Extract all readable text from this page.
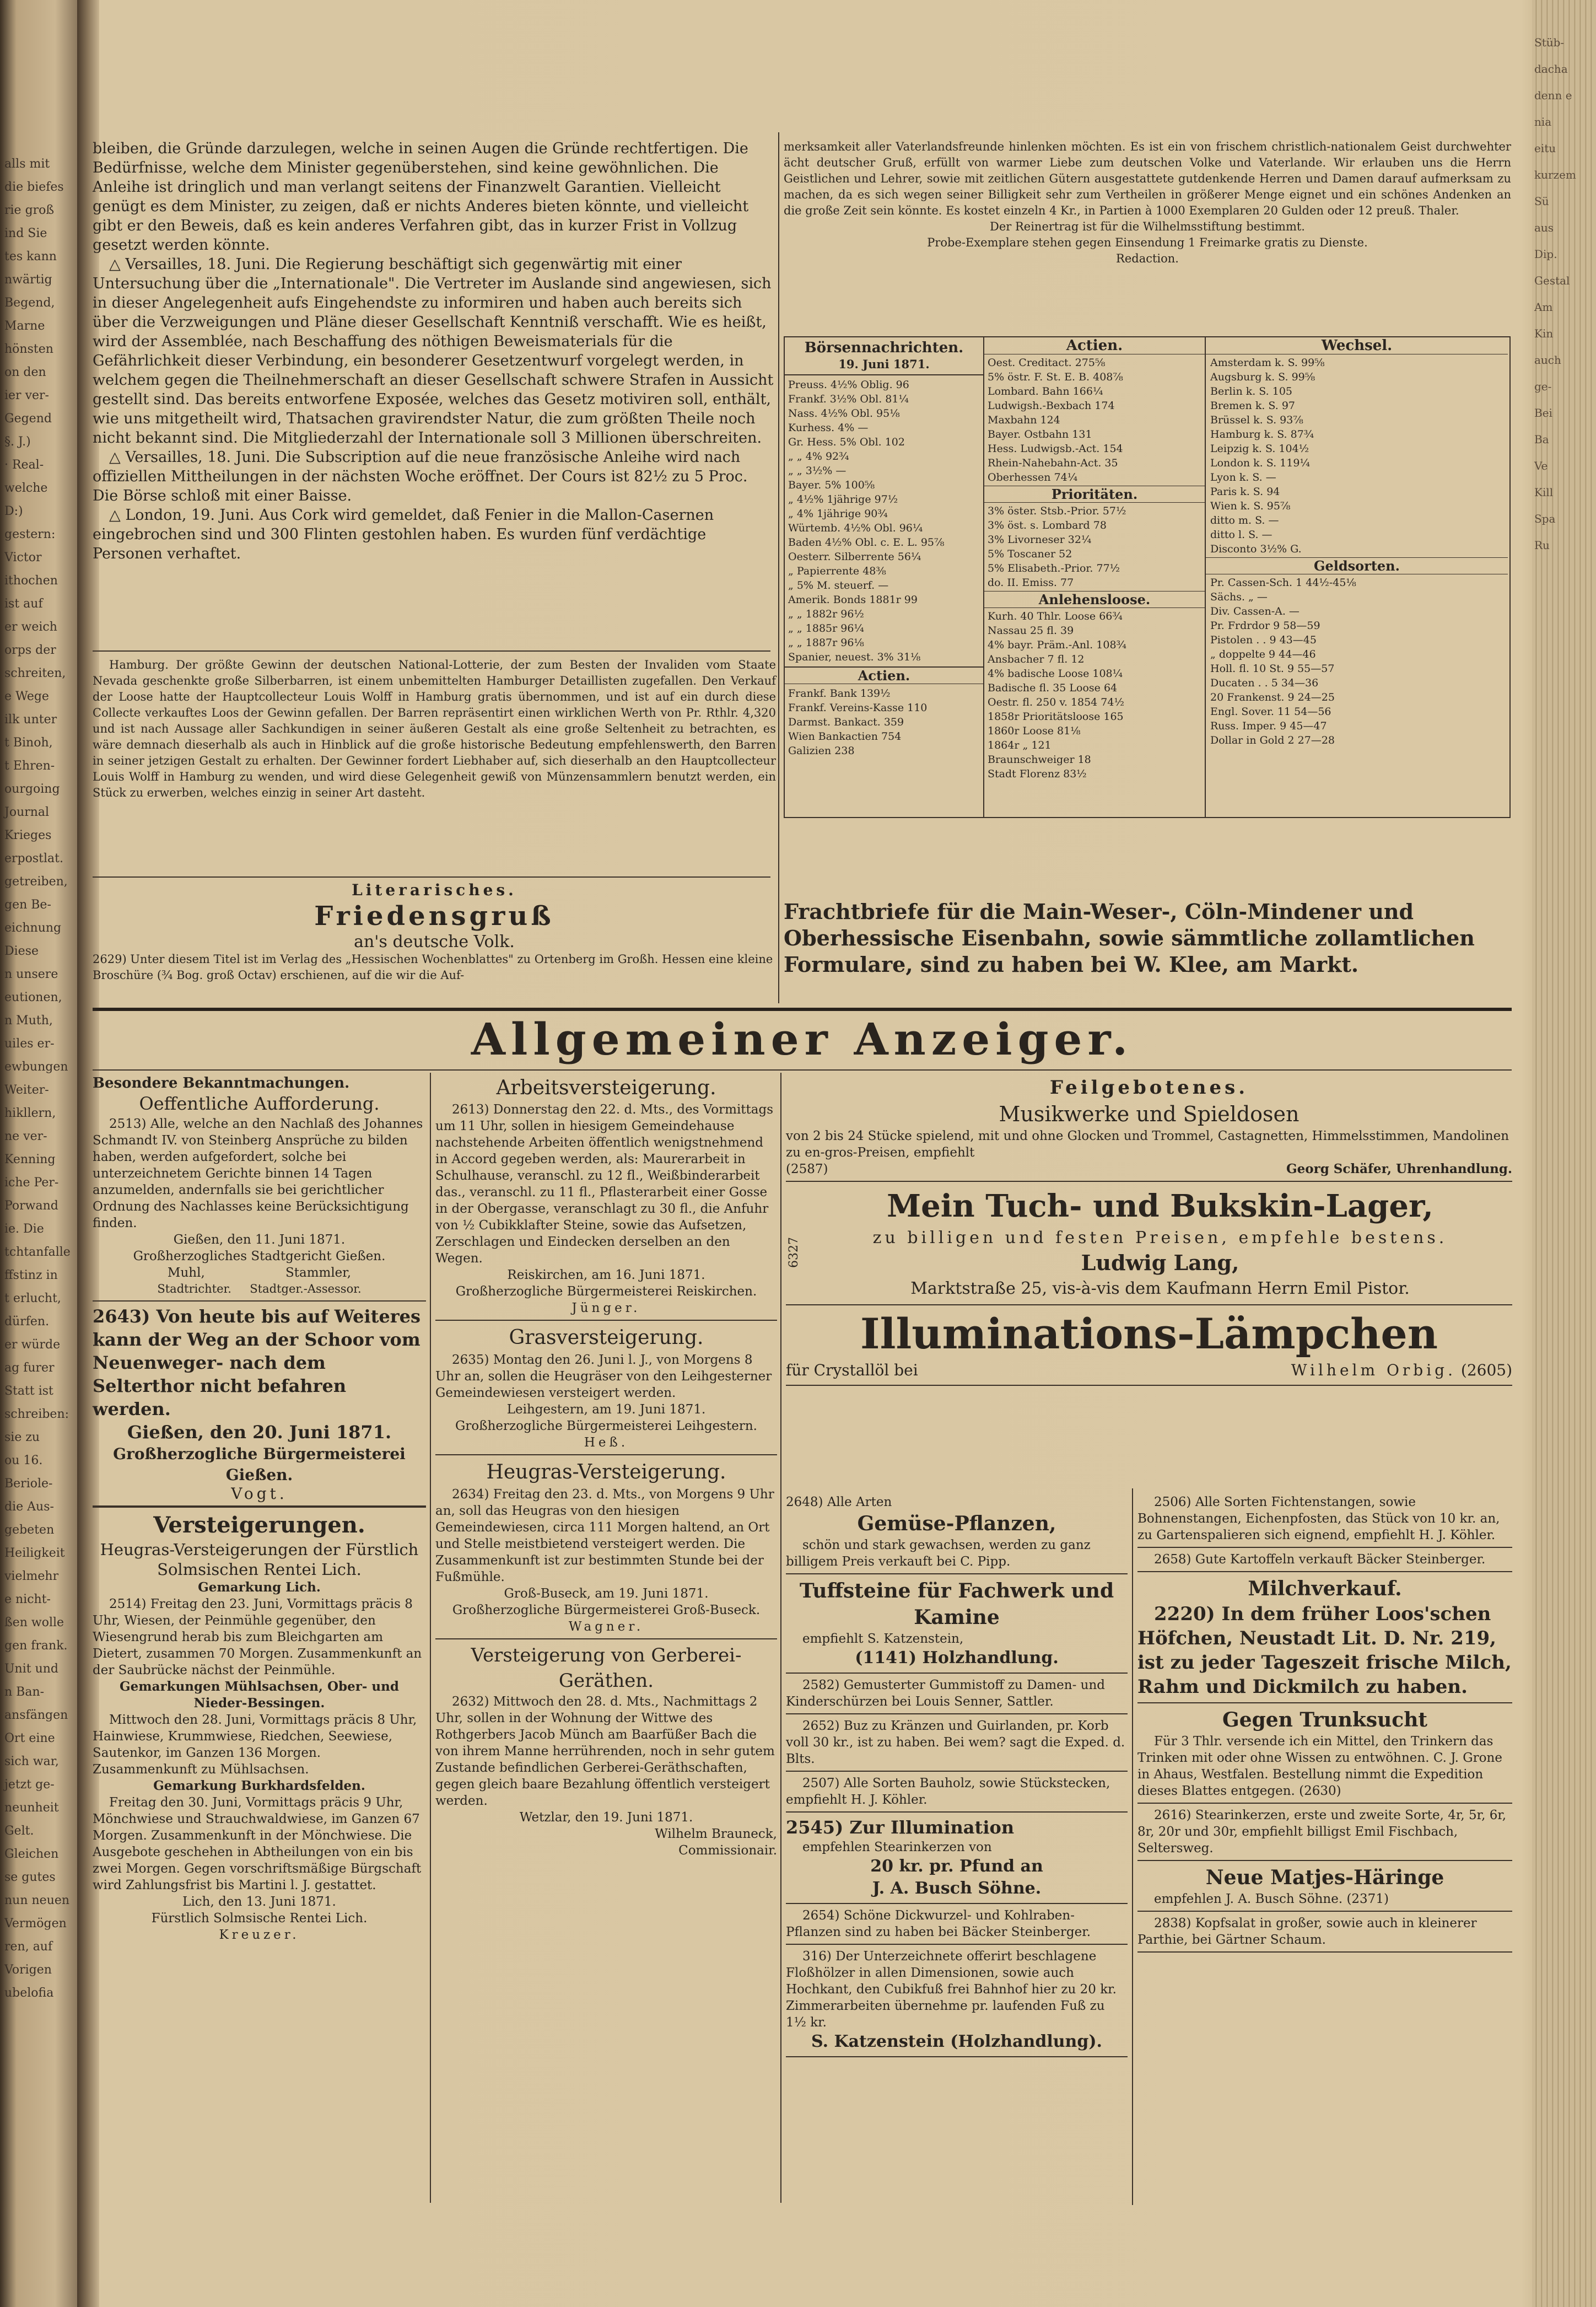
alls mit
die biefes
rie groß
ind Sie
tes kann
nwärtig
Begend,
Marne
hönsten
on den
ier ver-
Gegend
§. J.)
· Real-
welche
D:)
gestern:
Victor
ithochen
ist auf
er weich
orps der
schreiten,
e Wege
ilk unter
t Binoh,
t Ehren-
ourgoing
Journal
Krieges
erpostlat.
getreiben,
gen Be-
eichnung
Diese
n unsere
eutionen,
n Muth,
uiles er-
ewbungen
Weiter-
hikllern,
ne ver-
Kenning
iche Per-
Porwand
ie. Die
tchtanfalle
ffstinz in
t erlucht,
dürfen.
er würde
ag furer
Statt ist
schreiben:
sie zu
ou 16.
Beriole-
die Aus-
gebeten
Heiligkeit
vielmehr
e nicht-
ßen wolle
gen frank.
Unit und
n Ban-
ansfängen
Ort eine
sich war,
jetzt ge-
neunheit
Gelt.
Gleichen
se gutes
nun neuen
Vermögen
ren, auf
Vorigen
ubelofia
Stüb-
dacha
denn e
nia
eitu
kurzem
Sü
aus
Dip.
Gestal
Am
Kin
auch
ge-
Bei
Ba
Ve
Kill
Spa
Ru

bleiben, die Gründe darzulegen, welche in seinen Augen die Gründe rechtfertigen. Die Bedürfnisse, welche dem Minister gegenüberstehen, sind keine gewöhnlichen. Die Anleihe ist dringlich und man verlangt seitens der Finanzwelt Garantien. Vielleicht genügt es dem Minister, zu zeigen, daß er nichts Anderes bieten könnte, und vielleicht gibt er den Beweis, daß es kein anderes Verfahren gibt, das in kurzer Frist in Vollzug gesetzt werden könnte.

△ Versailles, 18. Juni. Die Regierung beschäftigt sich gegenwärtig mit einer Untersuchung über die „Internationale". Die Vertreter im Auslande sind angewiesen, sich in dieser Angelegenheit aufs Eingehendste zu informiren und haben auch bereits sich über die Verzweigungen und Pläne dieser Gesellschaft Kenntniß verschafft. Wie es heißt, wird der Assemblée, nach Beschaffung des nöthigen Beweismaterials für die Gefährlichkeit dieser Verbindung, ein besonderer Gesetzentwurf vorgelegt werden, in welchem gegen die Theilnehmerschaft an dieser Gesellschaft schwere Strafen in Aussicht gestellt sind. Das bereits entworfene Exposée, welches das Gesetz motiviren soll, enthält, wie uns mitgetheilt wird, Thatsachen gravirendster Natur, die zum größten Theile noch nicht bekannt sind. Die Mitgliederzahl der Internationale soll 3 Millionen überschreiten.

△ Versailles, 18. Juni. Die Subscription auf die neue französische Anleihe wird nach offiziellen Mittheilungen in der nächsten Woche eröffnet. Der Cours ist 82½ zu 5 Proc. Die Börse schloß mit einer Baisse.

△ London, 19. Juni. Aus Cork wird gemeldet, daß Fenier in die Mallon-Casernen eingebrochen sind und 300 Flinten gestohlen haben. Es wurden fünf verdächtige Personen verhaftet.

Hamburg. Der größte Gewinn der deutschen National-Lotterie, der zum Besten der Invaliden vom Staate Nevada geschenkte große Silberbarren, ist einem unbemittelten Hamburger Detaillisten zugefallen. Den Verkauf der Loose hatte der Hauptcollecteur Louis Wolff in Hamburg gratis übernommen, und ist auf ein durch diese Collecte verkauftes Loos der Gewinn gefallen. Der Barren repräsentirt einen wirklichen Werth von Pr. Rthlr. 4,320 und ist nach Aussage aller Sachkundigen in seiner äußeren Gestalt als eine große Seltenheit zu betrachten, es wäre demnach dieserhalb als auch in Hinblick auf die große historische Bedeutung empfehlenswerth, den Barren in seiner jetzigen Gestalt zu erhalten. Der Gewinner fordert Liebhaber auf, sich dieserhalb an den Hauptcollecteur Louis Wolff in Hamburg zu wenden, und wird diese Gelegenheit gewiß von Münzensammlern benutzt werden, ein Stück zu erwerben, welches einzig in seiner Art dasteht.

Literarisches.
Friedensgruß
an's deutsche Volk.
2629) Unter diesem Titel ist im Verlag des „Hessischen Wochenblattes" zu Ortenberg im Großh. Hessen eine kleine Broschüre (¾ Bog. groß Octav) erschienen, auf die wir die Auf-

merksamkeit aller Vaterlandsfreunde hinlenken möchten. Es ist ein von frischem christlich-nationalem Geist durchwehter ächt deutscher Gruß, erfüllt von warmer Liebe zum deutschen Volke und Vaterlande. Wir erlauben uns die Herrn Geistlichen und Lehrer, sowie mit zeitlichen Gütern ausgestattete gutdenkende Herren und Damen darauf aufmerksam zu machen, da es sich wegen seiner Billigkeit sehr zum Vertheilen in größerer Menge eignet und ein schönes Andenken an die große Zeit sein könnte. Es kostet einzeln 4 Kr., in Partien à 1000 Exemplaren 20 Gulden oder 12 preuß. Thaler.

Der Reinertrag ist für die Wilhelmsstiftung bestimmt.

Probe-Exemplare stehen gegen Einsendung 1 Freimarke gratis zu Dienste.

Redaction.

Börsennachrichten.
19. Juni 1871.
Preuss. 4½% Oblig. 96
Frankf. 3½% Obl. 81¼
Nass. 4½% Obl. 95⅛
Kurhess. 4% —
Gr. Hess. 5% Obl. 102
„ „ 4% 92¾
„ „ 3½% —
Bayer. 5% 100⅝
„ 4½% 1jährige 97½
„ 4% 1jährige 90¾
Würtemb. 4½% Obl. 96¼
Baden 4½% Obl. c. E. L. 95⅞
Oesterr. Silberrente 56¼
„ Papierrente 48⅜
„ 5% M. steuerf. —
Amerik. Bonds 1881r 99
„ „ 1882r 96½
„ „ 1885r 96¼
„ „ 1887r 96⅛
Spanier, neuest. 3% 31⅛
Actien.
Frankf. Bank 139½
Frankf. Vereins-Kasse 110
Darmst. Bankact. 359
Wien Bankactien 754
Galizien 238
Actien.
Oest. Creditact. 275⅝
5% östr. F. St. E. B. 408⅞
Lombard. Bahn 166¼
Ludwigsh.-Bexbach 174
Maxbahn 124
Bayer. Ostbahn 131
Hess. Ludwigsb.-Act. 154
Rhein-Nahebahn-Act. 35
Oberhessen 74¼
Prioritäten.
3% öster. Stsb.-Prior. 57½
3% öst. s. Lombard 78
3% Livorneser 32¼
5% Toscaner 52
5% Elisabeth.-Prior. 77½
do. II. Emiss. 77
Anlehensloose.
Kurh. 40 Thlr. Loose 66¾
Nassau 25 fl. 39
4% bayr. Präm.-Anl. 108¾
Ansbacher 7 fl. 12
4% badische Loose 108¼
Badische fl. 35 Loose 64
Oestr. fl. 250 v. 1854 74½
1858r Prioritätsloose 165
1860r Loose 81⅛
1864r „ 121
Braunschweiger 18
Stadt Florenz 83½
Wechsel.
Amsterdam k. S. 99⅝
Augsburg k. S. 99⅝
Berlin k. S. 105
Bremen k. S. 97
Brüssel k. S. 93⅞
Hamburg k. S. 87¾
Leipzig k. S. 104½
London k. S. 119¼
Lyon k. S. —
Paris k. S. 94
Wien k. S. 95⅞
ditto m. S. —
ditto l. S. —
Disconto 3½% G.
Geldsorten.
Pr. Cassen-Sch. 1 44½-45⅛
Sächs. „ —
Div. Cassen-A. —
Pr. Frdrdor 9 58—59
Pistolen . . 9 43—45
„ doppelte 9 44—46
Holl. fl. 10 St. 9 55—57
Ducaten . . 5 34—36
20 Frankenst. 9 24—25
Engl. Sover. 11 54—56
Russ. Imper. 9 45—47
Dollar in Gold 2 27—28

Frachtbriefe für die Main-Weser-, Cöln-Mindener und Oberhessische Eisenbahn, sowie sämmtliche zollamtlichen Formulare, sind zu haben bei W. Klee, am Markt.

Allgemeiner Anzeiger.
Besondere Bekanntmachungen.
Oeffentliche Aufforderung.

2513) Alle, welche an den Nachlaß des Johannes Schmandt IV. von Steinberg Ansprüche zu bilden haben, werden aufgefordert, solche bei unterzeichnetem Gerichte binnen 14 Tagen anzumelden, andernfalls sie bei gerichtlicher Ordnung des Nachlasses keine Berücksichtigung finden.

Gießen, den 11. Juni 1871.

Großherzogliches Stadtgericht Gießen.

Muhl,                    Stammler,

Stadtrichter.     Stadtger.-Assessor.

2643) Von heute bis auf Weiteres kann der Weg an der Schoor vom Neuenweger- nach dem Selterthor nicht befahren werden.

Gießen, den 20. Juni 1871.

Großherzogliche Bürgermeisterei Gießen.

Vogt.

Versteigerungen.
Heugras-Versteigerungen der Fürstlich Solmsischen Rentei Lich.
Gemarkung Lich.

2514) Freitag den 23. Juni, Vormittags präcis 8 Uhr, Wiesen, der Peinmühle gegenüber, den Wiesengrund herab bis zum Bleichgarten am Dietert, zusammen 70 Morgen. Zusammenkunft an der Saubrücke nächst der Peinmühle.

Gemarkungen Mühlsachsen, Ober- und Nieder-Bessingen.

Mittwoch den 28. Juni, Vormittags präcis 8 Uhr, Hainwiese, Krummwiese, Riedchen, Seewiese, Sautenkor, im Ganzen 136 Morgen. Zusammenkunft zu Mühlsachsen.

Gemarkung Burkhardsfelden.

Freitag den 30. Juni, Vormittags präcis 9 Uhr, Mönchwiese und Strauchwaldwiese, im Ganzen 67 Morgen. Zusammenkunft in der Mönchwiese. Die Ausgebote geschehen in Abtheilungen von ein bis zwei Morgen. Gegen vorschriftsmäßige Bürgschaft wird Zahlungsfrist bis Martini l. J. gestattet.

Lich, den 13. Juni 1871.

Fürstlich Solmsische Rentei Lich.

Kreuzer.

Arbeitsversteigerung.

2613) Donnerstag den 22. d. Mts., des Vormittags um 11 Uhr, sollen in hiesigem Gemeindehause nachstehende Arbeiten öffentlich wenigstnehmend in Accord gegeben werden, als: Maurerarbeit in Schulhause, veranschl. zu 12 fl., Weißbinderarbeit das., veranschl. zu 11 fl., Pflasterarbeit einer Gosse in der Obergasse, veranschlagt zu 30 fl., die Anfuhr von ½ Cubikklafter Steine, sowie das Aufsetzen, Zerschlagen und Eindecken derselben an den Wegen.

Reiskirchen, am 16. Juni 1871.

Großherzogliche Bürgermeisterei Reiskirchen.

Jünger.

Grasversteigerung.

2635) Montag den 26. Juni l. J., von Morgens 8 Uhr an, sollen die Heugräser von den Leihgesterner Gemeindewiesen versteigert werden.

Leihgestern, am 19. Juni 1871.

Großherzogliche Bürgermeisterei Leihgestern.

Heß.

Heugras-Versteigerung.

2634) Freitag den 23. d. Mts., von Morgens 9 Uhr an, soll das Heugras von den hiesigen Gemeindewiesen, circa 111 Morgen haltend, an Ort und Stelle meistbietend versteigert werden. Die Zusammenkunft ist zur bestimmten Stunde bei der Fußmühle.

Groß-Buseck, am 19. Juni 1871.

Großherzogliche Bürgermeisterei Groß-Buseck.

Wagner.

Versteigerung von Gerberei-Geräthen.

2632) Mittwoch den 28. d. Mts., Nachmittags 2 Uhr, sollen in der Wohnung der Wittwe des Rothgerbers Jacob Münch am Baarfüßer Bach die von ihrem Manne herrührenden, noch in sehr gutem Zustande befindlichen Gerberei-Geräthschaften, gegen gleich baare Bezahlung öffentlich versteigert werden.

Wetzlar, den 19. Juni 1871.

Wilhelm Brauneck,

Commissionair.

Feilgebotenes.
Musikwerke und Spieldosen

von 2 bis 24 Stücke spielend, mit und ohne Glocken und Trommel, Castagnetten, Himmelsstimmen, Mandolinen zu en-gros-Preisen, empfiehlt

(2587)	Georg Schäfer, Uhrenhandlung.
6327
Mein Tuch- und Bukskin-Lager,
zu billigen und festen Preisen, empfehle bestens.
Ludwig Lang,
Marktstraße 25, vis-à-vis dem Kaufmann Herrn Emil Pistor.
Illuminations-Lämpchen
für Crystallöl bei	Wilhelm Orbig. (2605)

2648) Alle Arten

Gemüse-Pflanzen,

schön und stark gewachsen, werden zu ganz billigem Preis verkauft bei C. Pipp.

Tuffsteine für Fachwerk und Kamine

empfiehlt S. Katzenstein,

(1141) Holzhandlung.

2582) Gemusterter Gummistoff zu Damen- und Kinderschürzen bei Louis Senner, Sattler.

2652) Buz zu Kränzen und Guirlanden, pr. Korb voll 30 kr., ist zu haben. Bei wem? sagt die Exped. d. Blts.

2507) Alle Sorten Bauholz, sowie Stückstecken, empfiehlt H. J. Köhler.

2545) Zur Illumination

empfehlen Stearinkerzen von

20 kr. pr. Pfund an

J. A. Busch Söhne.

2654) Schöne Dickwurzel- und Kohlraben-Pflanzen sind zu haben bei Bäcker Steinberger.

316) Der Unterzeichnete offerirt beschlagene Floßhölzer in allen Dimensionen, sowie auch Hochkant, den Cubikfuß frei Bahnhof hier zu 20 kr. Zimmerarbeiten übernehme pr. laufenden Fuß zu 1½ kr.

S. Katzenstein (Holzhandlung).

2506) Alle Sorten Fichtenstangen, sowie Bohnenstangen, Eichenpfosten, das Stück von 10 kr. an, zu Gartenspalieren sich eignend, empfiehlt H. J. Köhler.

2658) Gute Kartoffeln verkauft Bäcker Steinberger.

Milchverkauf.

2220) In dem früher Loos'schen Höfchen, Neustadt Lit. D. Nr. 219, ist zu jeder Tageszeit frische Milch, Rahm und Dickmilch zu haben.

Gegen Trunksucht

Für 3 Thlr. versende ich ein Mittel, den Trinkern das Trinken mit oder ohne Wissen zu entwöhnen. C. J. Grone in Ahaus, Westfalen. Bestellung nimmt die Expedition dieses Blattes entgegen. (2630)

2616) Stearinkerzen, erste und zweite Sorte, 4r, 5r, 6r, 8r, 20r und 30r, empfiehlt billigst Emil Fischbach, Seltersweg.

Neue Matjes-Häringe

empfehlen J. A. Busch Söhne. (2371)

2838) Kopfsalat in großer, sowie auch in kleinerer Parthie, bei Gärtner Schaum.
